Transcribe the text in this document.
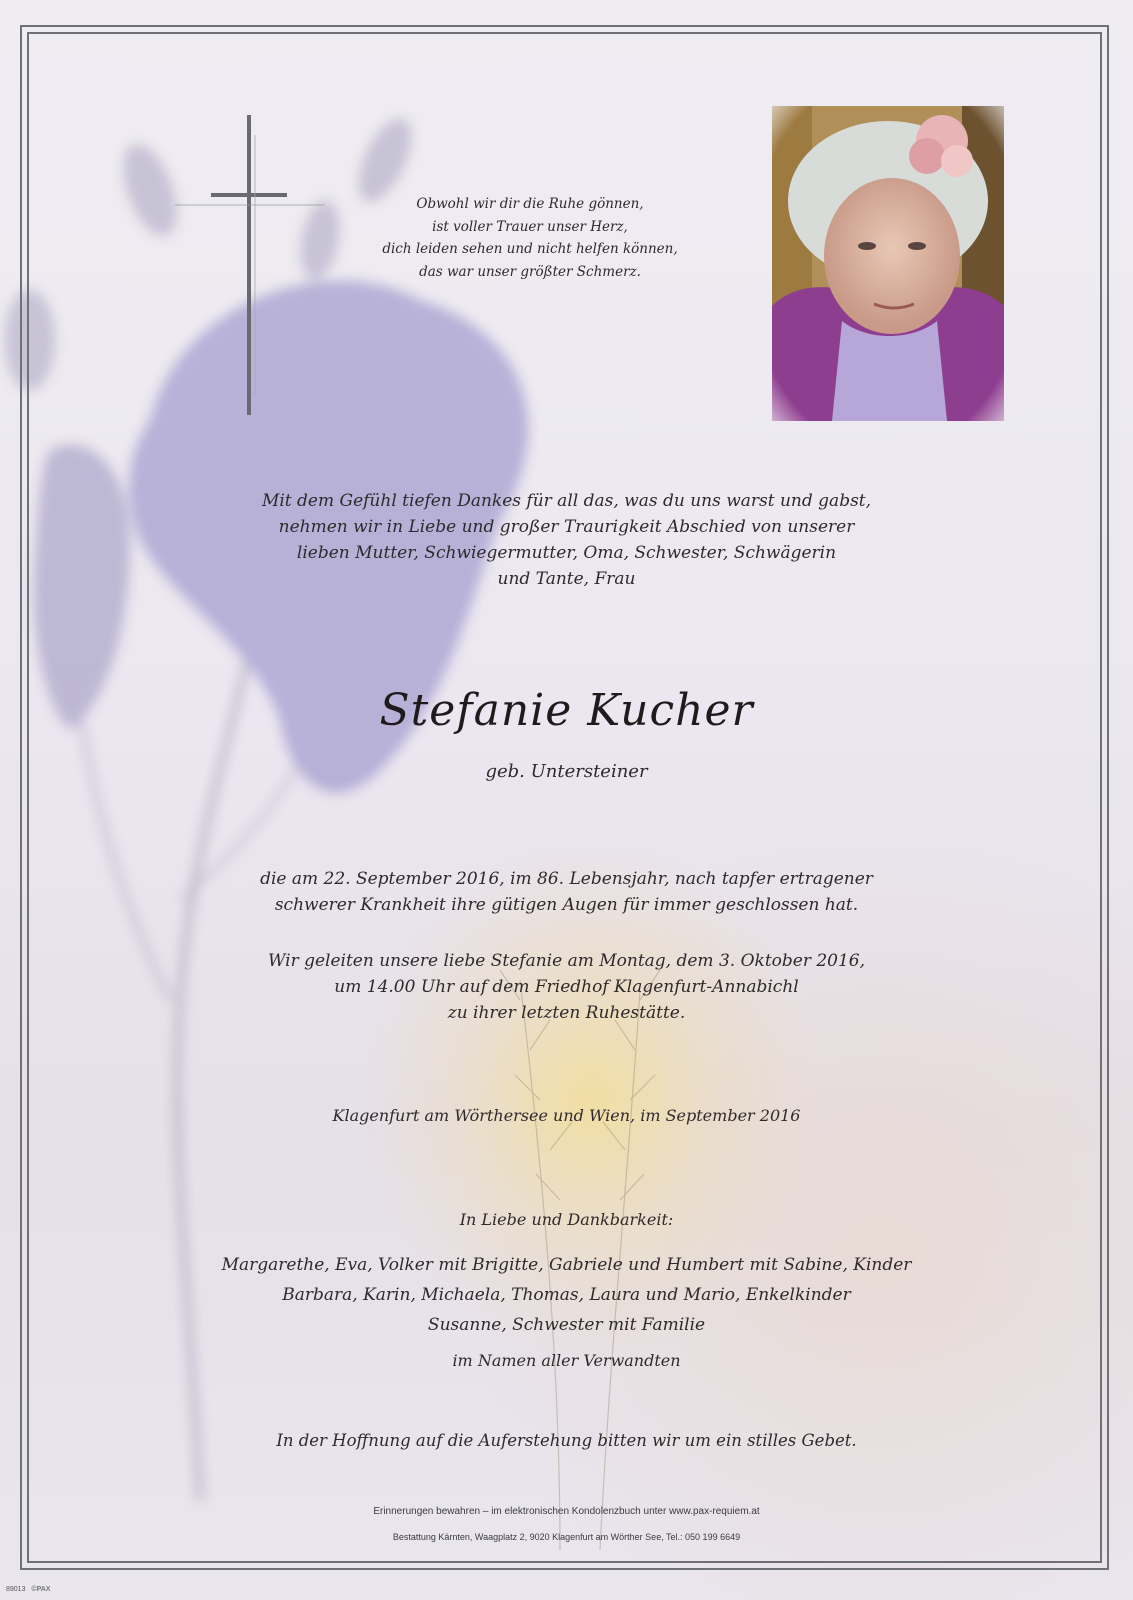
Obwohl wir dir die Ruhe gönnen,
ist voller Trauer unser Herz,
dich leiden sehen und nicht helfen können,
das war unser größter Schmerz.
Mit dem Gefühl tiefen Dankes für all das, was du uns warst und gabst,
nehmen wir in Liebe und großer Traurigkeit Abschied von unserer
lieben Mutter, Schwiegermutter, Oma, Schwester, Schwägerin
und Tante, Frau
Stefanie Kucher
geb. Untersteiner
die am 22. September 2016, im 86. Lebensjahr, nach tapfer ertragener
schwerer Krankheit ihre gütigen Augen für immer geschlossen hat.
Wir geleiten unsere liebe Stefanie am Montag, dem 3. Oktober 2016,
um 14.00 Uhr auf dem Friedhof Klagenfurt-Annabichl
zu ihrer letzten Ruhestätte.
Klagenfurt am Wörthersee und Wien, im September 2016
In Liebe und Dankbarkeit:
Margarethe, Eva, Volker mit Brigitte, Gabriele und Humbert mit Sabine, Kinder
Barbara, Karin, Michaela, Thomas, Laura und Mario, Enkelkinder
Susanne, Schwester mit Familie
im Namen aller Verwandten
In der Hoffnung auf die Auferstehung bitten wir um ein stilles Gebet.
Erinnerungen bewahren – im elektronischen Kondolenzbuch unter www.pax-requiem.at
Bestattung Kärnten, Waagplatz 2, 9020 Klagenfurt am Wörther See, Tel.: 050 199 6649
89013 ©PAX
